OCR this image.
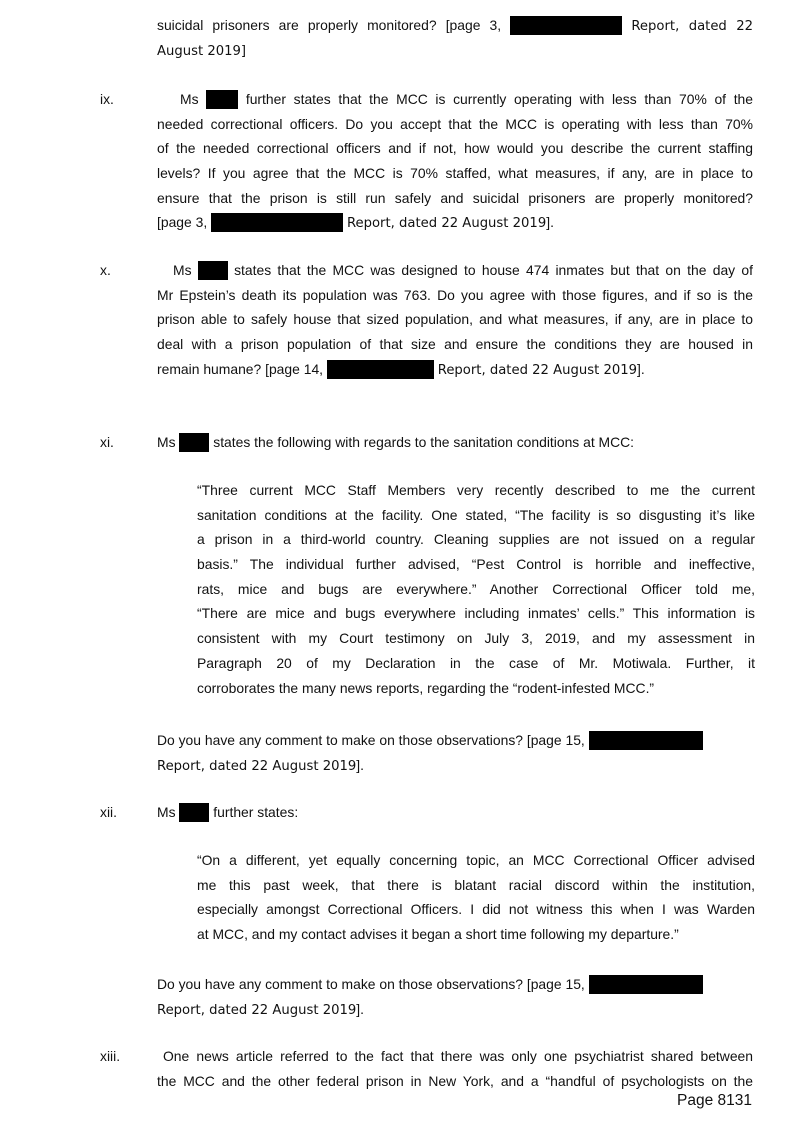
suicidal prisoners are properly monitored? [page 3,	Report, dated 22
August 2019]
ix.	Ms	further states that the MCC is currently operating with less than 70% of the
needed correctional officers. Do you accept that the MCC is operating with less than 70%
of the needed correctional officers and if not, how would you describe the current staffing
levels? If you agree that the MCC is 70% staffed, what measures, if any, are in place to
ensure that the prison is still run safely and suicidal prisoners are properly monitored?
[page 3,	Report, dated 22 August 2019].
x.	Ms	states that the MCC was designed to house 474 inmates but that on the day of
Mr Epstein’s death its population was 763. Do you agree with those figures, and if so is the
prison able to safely house that sized population, and what measures, if any, are in place to
deal with a prison population of that size and ensure the conditions they are housed in
remain humane? [page 14,	Report, dated 22 August 2019].
xi.	Ms	states the following with regards to the sanitation conditions at MCC:
“Three current MCC Staff Members very recently described to me the current
sanitation conditions at the facility. One stated, “The facility is so disgusting it’s like
a prison in a third-world country. Cleaning supplies are not issued on a regular
basis.” The individual further advised, “Pest Control is horrible and ineffective,
rats, mice and bugs are everywhere.” Another Correctional Officer told me,
“There are mice and bugs everywhere including inmates’ cells.” This information is
consistent with my Court testimony on July 3, 2019, and my assessment in
Paragraph 20 of my Declaration in the case of Mr. Motiwala. Further, it
corroborates the many news reports, regarding the “rodent-infested MCC.”
Do you have any comment to make on those observations? [page 15,
Report, dated 22 August 2019].
xii.	Ms	further states:
“On a different, yet equally concerning topic, an MCC Correctional Officer advised
me this past week, that there is blatant racial discord within the institution,
especially amongst Correctional Officers. I did not witness this when I was Warden
at MCC, and my contact advises it began a short time following my departure.”
Do you have any comment to make on those observations? [page 15,
Report, dated 22 August 2019].
xiii.	One news article referred to the fact that there was only one psychiatrist shared between
the MCC and the other federal prison in New York, and a “handful of psychologists on the
Page 8131
